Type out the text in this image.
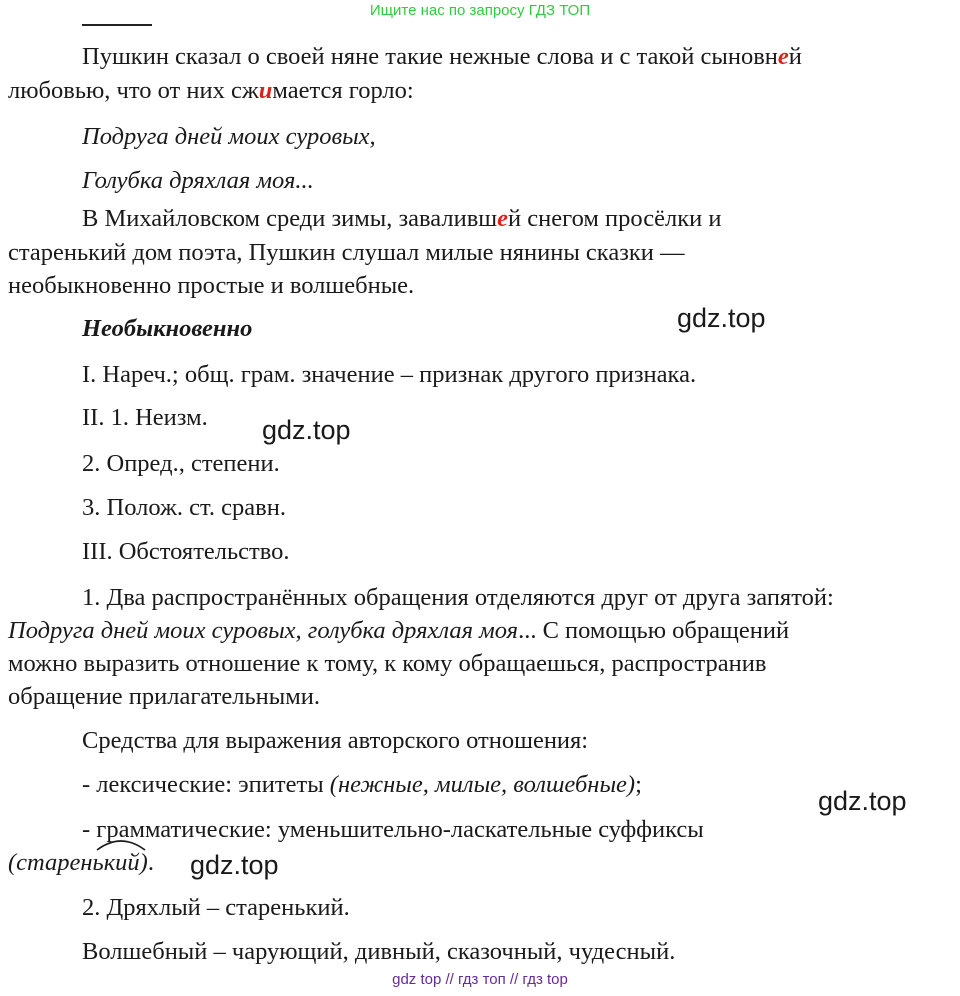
Ищите нас по запросу ГДЗ ТОП
Пушкин сказал о своей няне такие нежные слова и с такой сыновней
любовью, что от них сжимается горло:
Подруга дней моих суровых,
Голубка дряхлая моя...
В Михайловском среди зимы, завалившей снегом просёлки и
старенький дом поэта, Пушкин слушал милые нянины сказки —
необыкновенно простые и волшебные.
Необыкновенно
I. Нареч.; общ. грам. значение – признак другого признака.
II. 1. Неизм.
2. Опред., степени.
3. Полож. ст. сравн.
III. Обстоятельство.
1. Два распространённых обращения отделяются друг от друга запятой:
Подруга дней моих суровых, голубка дряхлая моя... С помощью обращений
можно выразить отношение к тому, к кому обращаешься, распространив
обращение прилагательными.
Средства для выражения авторского отношения:
- лексические: эпитеты (нежные, милые, волшебные);
- грамматические: уменьшительно-ласкательные суффиксы
(старенький).
2. Дряхлый – старенький.
Волшебный – чарующий, дивный, сказочный, чудесный.
gdz.top
gdz.top
gdz.top
gdz.top
gdz top // гдз топ // гдз top
